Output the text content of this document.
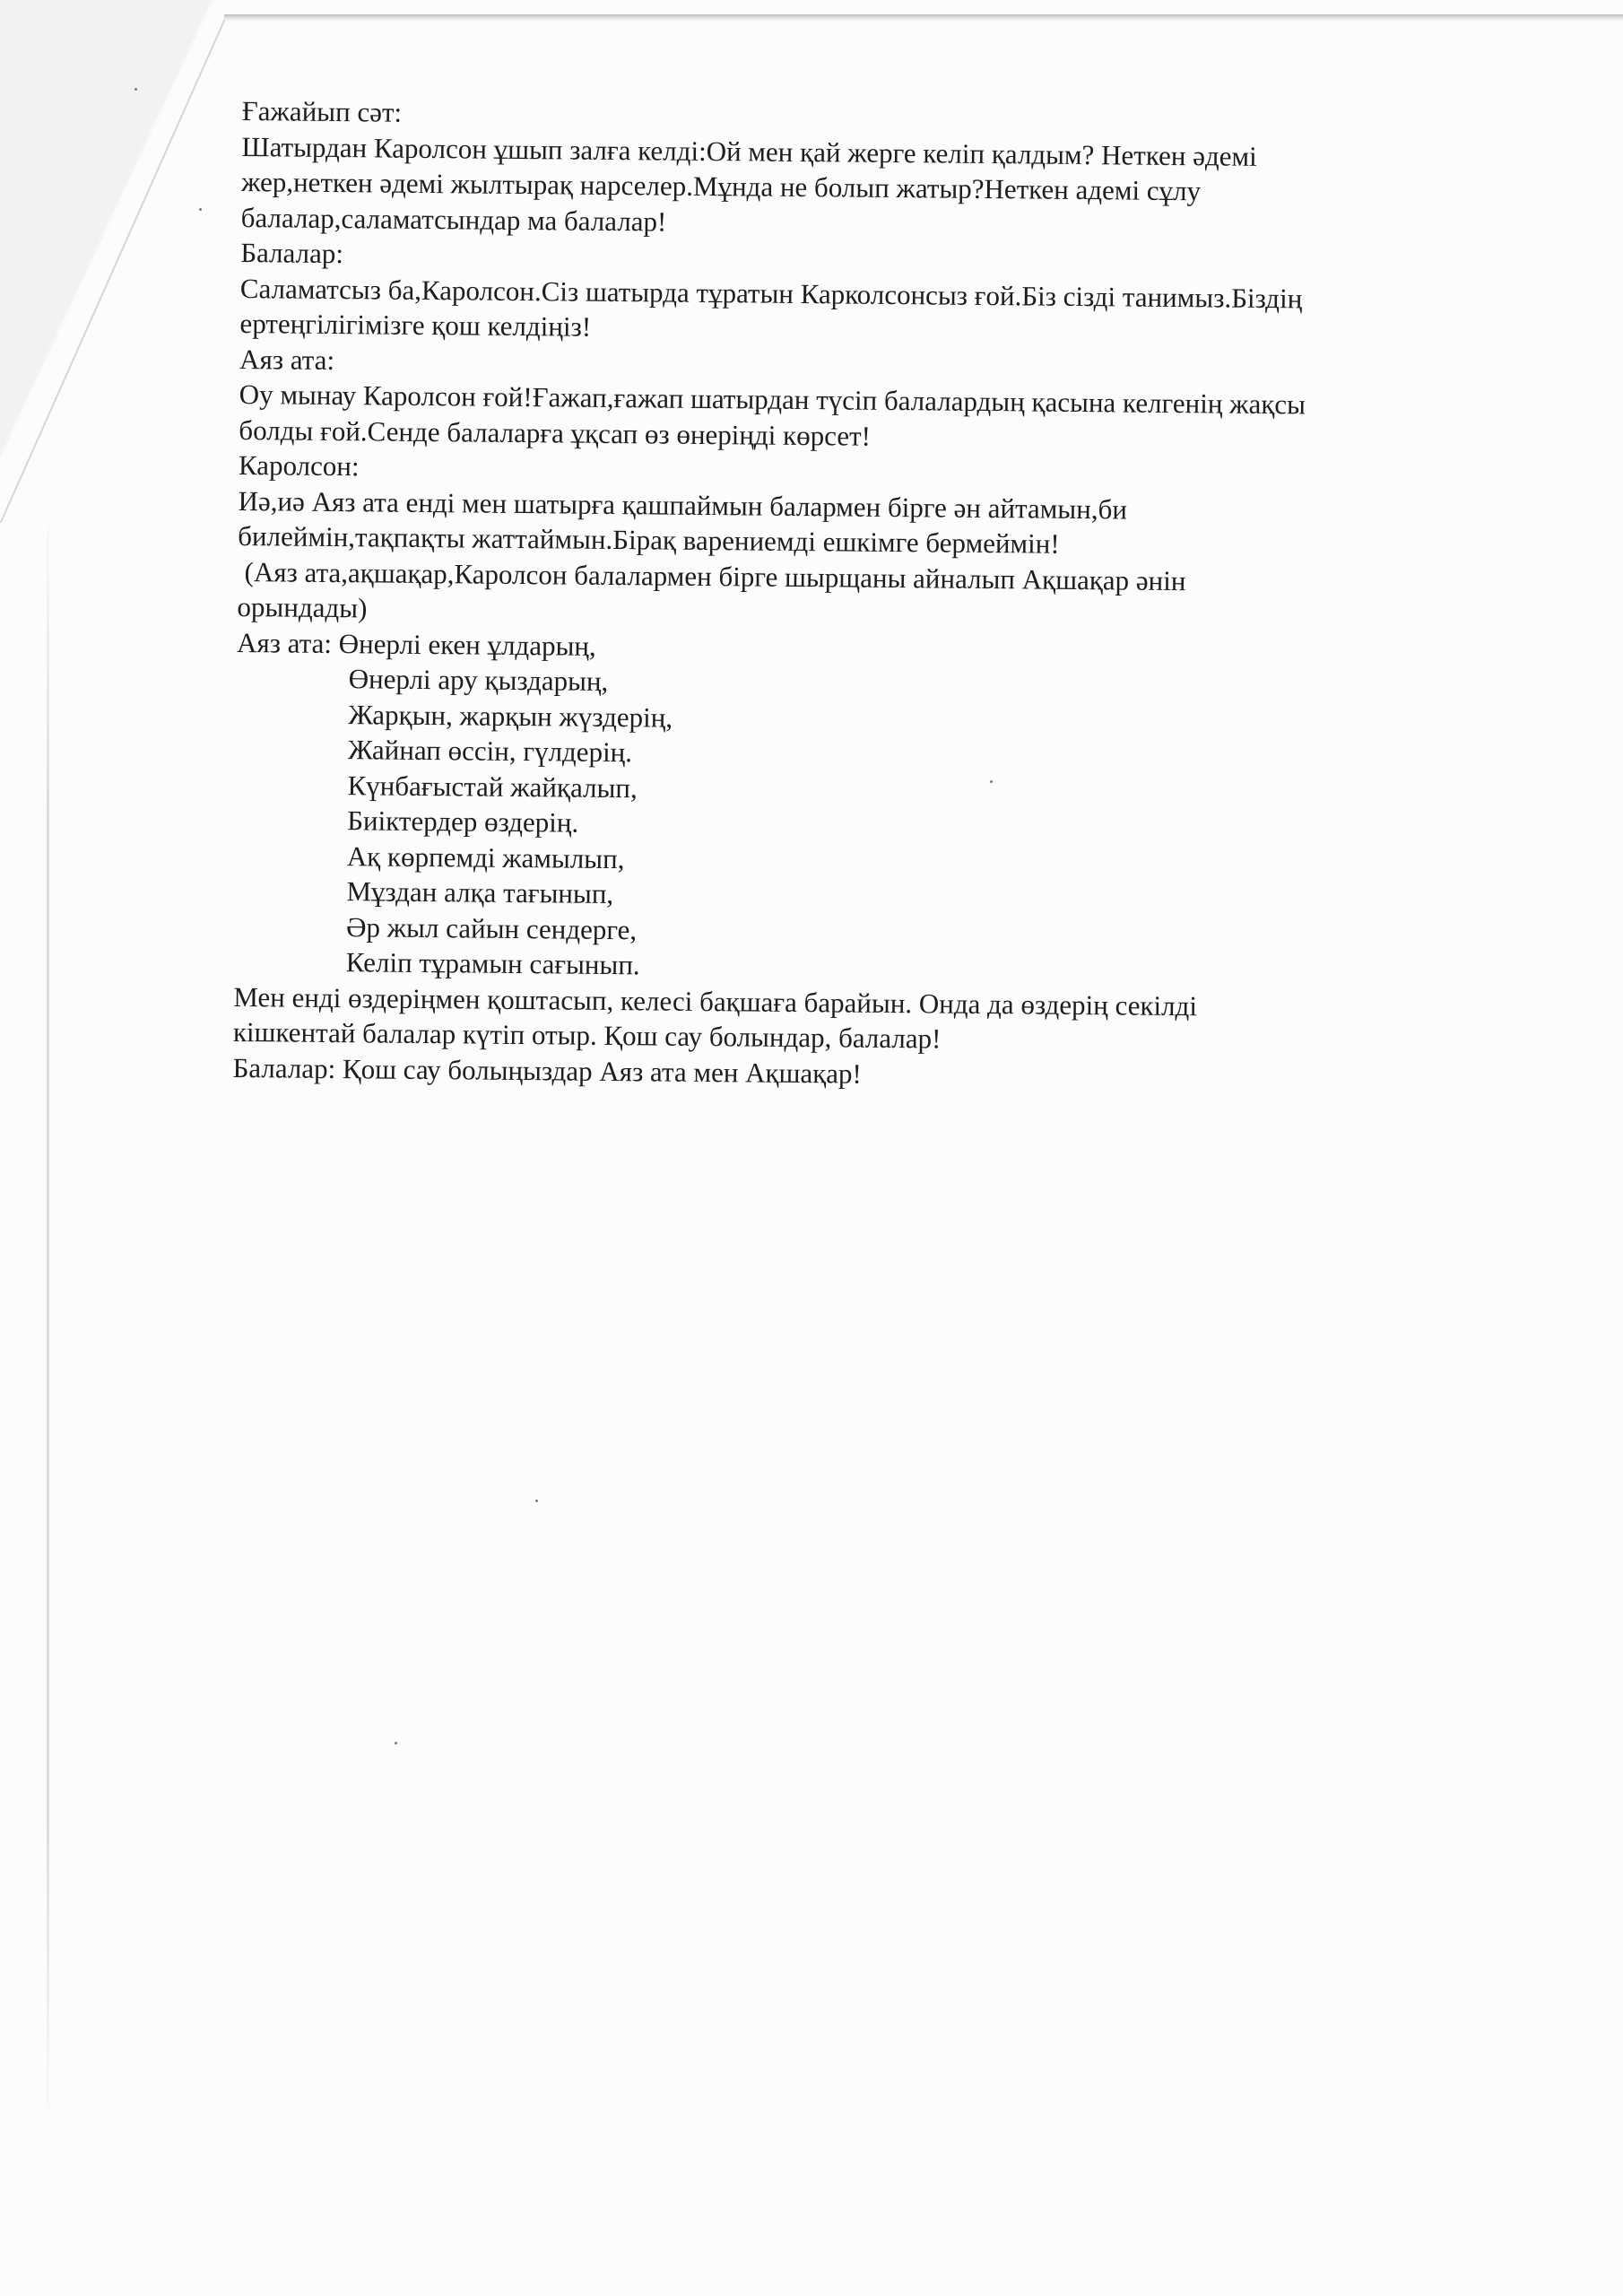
Ғажайып сәт:

Шатырдан Каролсон ұшып залға келді:Ой мен қай жерге келіп қалдым? Неткен әдемі

жер,неткен әдемі жылтырақ нарселер.Мұнда не болып жатыр?Неткен адемі сұлу

балалар,саламатсындар ма балалар!

Балалар:

Саламатсыз ба,Каролсон.Сіз шатырда тұратын Карколсонсыз ғой.Біз сізді танимыз.Біздің

ертеңгілігімізге қош келдіңіз!

Аяз ата:

Оу мынау Каролсон ғой!Ғажап,ғажап шатырдан түсіп балалардың қасына келгенің жақсы

болды ғой.Сенде балаларға ұқсап өз өнеріңді көрсет!

Каролсон:

Иә,иә Аяз ата енді мен шатырға қашпаймын балармен бірге ән айтамын,би

билеймін,тақпақты жаттаймын.Бірақ варениемді ешкімге бермеймін!

(Аяз ата,ақшақар,Каролсон балалармен бірге шырщаны айналып Ақшақар әнін

орындады)

Аяз ата: Өнерлі екен ұлдарың,

Өнерлі ару қыздарың,

Жарқын, жарқын жүздерің,

Жайнап өссін, гүлдерің.

Күнбағыстай жайқалып,

Биіктердер өздерің.

Ақ көрпемді жамылып,

Мұздан алқа тағынып,

Әр жыл сайын сендерге,

Келіп тұрамын сағынып.

Мен енді өздеріңмен қоштасып, келесі бақшаға барайын. Онда да өздерің секілді

кішкентай балалар күтіп отыр. Қош сау болындар, балалар!

Балалар: Қош сау болыңыздар Аяз ата мен Ақшақар!
